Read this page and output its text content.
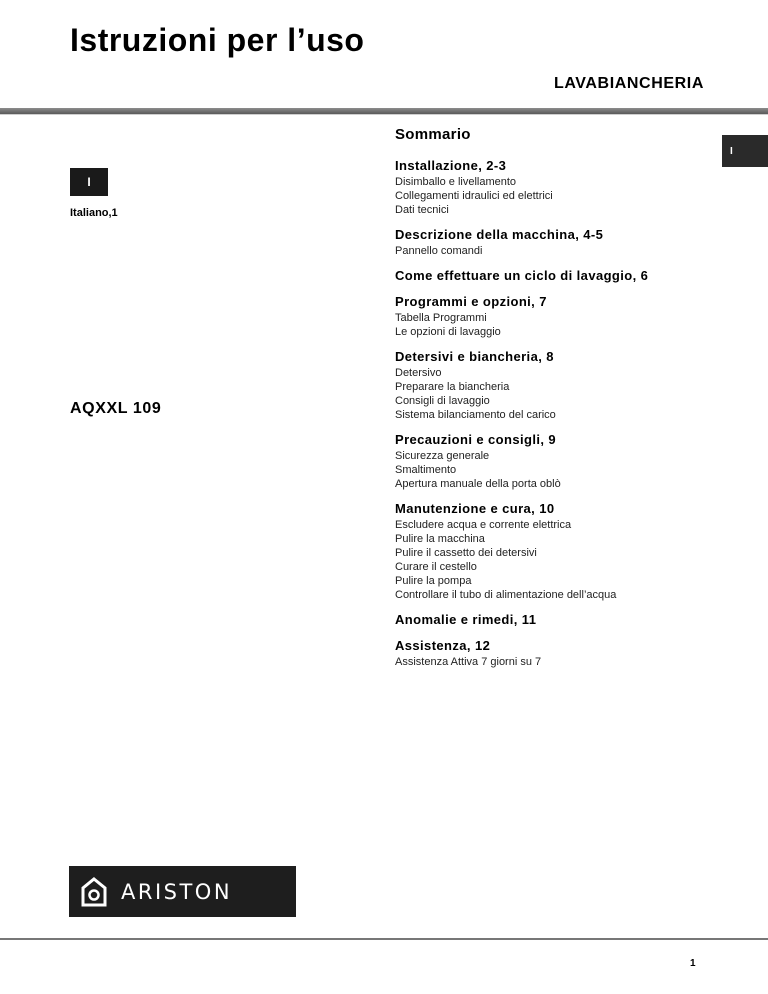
Istruzioni per l’uso
LAVABIANCHERIA
I
Italiano,1
AQXXL 109
I
Sommario
Installazione, 2-3
Disimballo e livellamento
Collegamenti idraulici ed elettrici
Dati tecnici
Descrizione della macchina, 4-5
Pannello comandi
Come effettuare un ciclo di lavaggio, 6
Programmi e opzioni, 7
Tabella Programmi
Le opzioni di lavaggio
Detersivi e biancheria, 8
Detersivo
Preparare la biancheria
Consigli di lavaggio
Sistema bilanciamento del carico
Precauzioni e consigli, 9
Sicurezza generale
Smaltimento
Apertura manuale della porta oblò
Manutenzione e cura, 10
Escludere acqua e corrente elettrica
Pulire la macchina
Pulire il cassetto dei detersivi
Curare il cestello
Pulire la pompa
Controllare il tubo di alimentazione dell’acqua
Anomalie e rimedi, 11
Assistenza, 12
Assistenza Attiva 7 giorni su 7
ARISTON
1
